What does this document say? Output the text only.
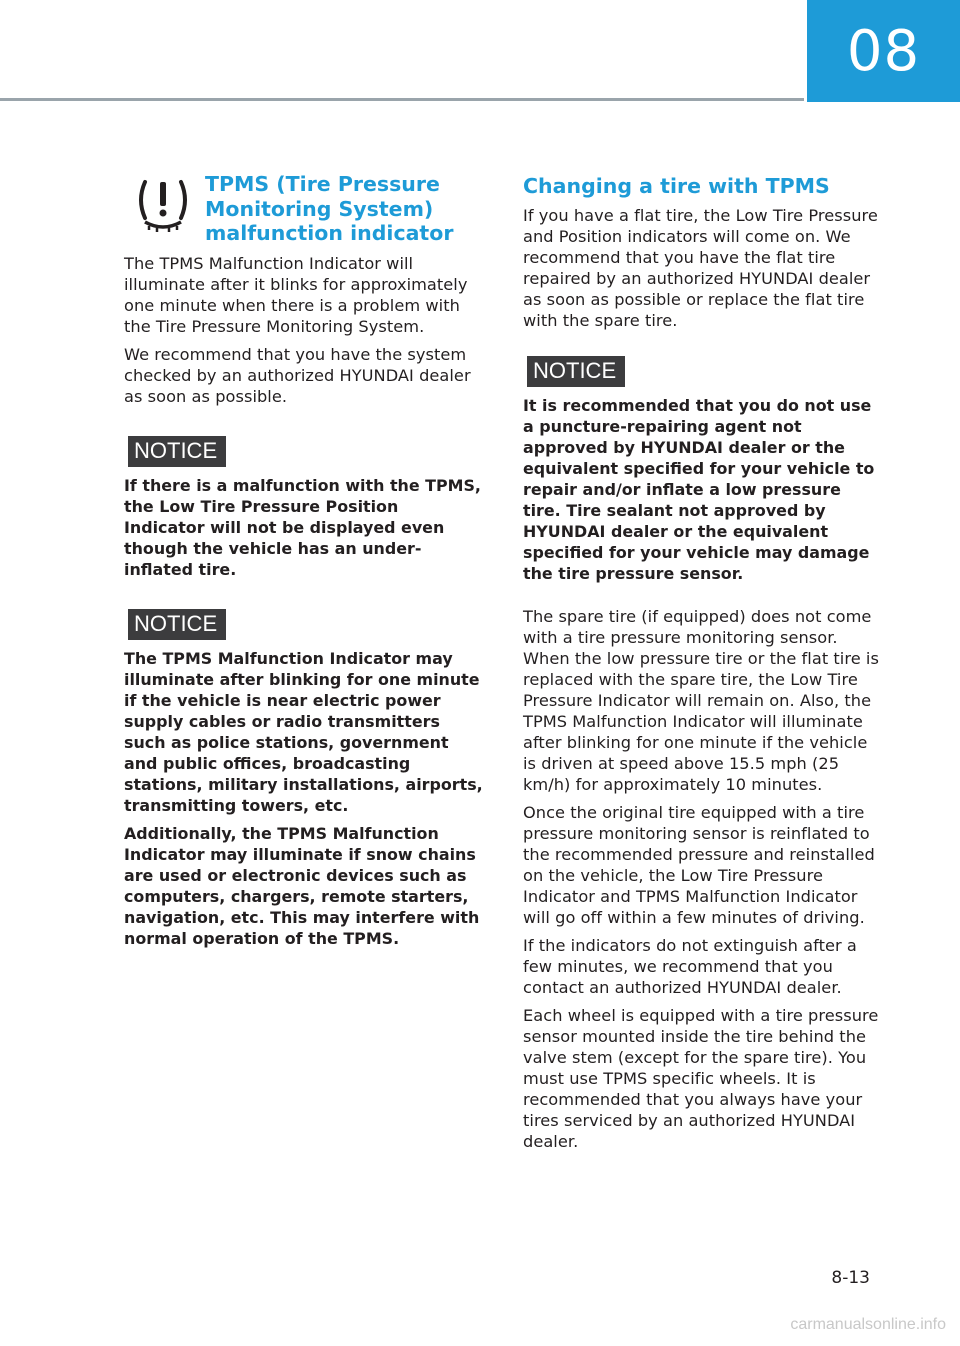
08
TPMS (Tire Pressure Monitoring System) malfunction indicator

The TPMS Malfunction Indicator will illuminate after it blinks for approximately one minute when there is a problem with the Tire Pressure Monitoring System.

We recommend that you have the system checked by an authorized HYUNDAI dealer as soon as possible.

NOTICE

If there is a malfunction with the TPMS, the Low Tire Pressure Position Indicator will not be displayed even though the vehicle has an under-inflated tire.

NOTICE

The TPMS Malfunction Indicator may illuminate after blinking for one minute if the vehicle is near electric power supply cables or radio transmitters such as police stations, government and public offices, broadcasting stations, military installations, airports, transmitting towers, etc.

Additionally, the TPMS Malfunction Indicator may illuminate if snow chains are used or electronic devices such as computers, chargers, remote starters, navigation, etc. This may interfere with normal operation of the TPMS.

Changing a tire with TPMS

If you have a flat tire, the Low Tire Pressure and Position indicators will come on. We recommend that you have the flat tire repaired by an authorized HYUNDAI dealer as soon as possible or replace the flat tire with the spare tire.

NOTICE

It is recommended that you do not use a puncture-repairing agent not approved by HYUNDAI dealer or the equivalent specified for your vehicle to repair and/or inflate a low pressure tire. Tire sealant not approved by HYUNDAI dealer or the equivalent specified for your vehicle may damage the tire pressure sensor.

The spare tire (if equipped) does not come with a tire pressure monitoring sensor. When the low pressure tire or the flat tire is replaced with the spare tire, the Low Tire Pressure Indicator will remain on. Also, the TPMS Malfunction Indicator will illuminate after blinking for one minute if the vehicle is driven at speed above 15.5 mph (25 km/h) for approximately 10 minutes.

Once the original tire equipped with a tire pressure monitoring sensor is reinflated to the recommended pressure and reinstalled on the vehicle, the Low Tire Pressure Indicator and TPMS Malfunction Indicator will go off within a few minutes of driving.

If the indicators do not extinguish after a few minutes, we recommend that you contact an authorized HYUNDAI dealer.

Each wheel is equipped with a tire pressure sensor mounted inside the tire behind the valve stem (except for the spare tire). You must use TPMS specific wheels. It is recommended that you always have your tires serviced by an authorized HYUNDAI dealer.

8-13
carmanualsonline.info
